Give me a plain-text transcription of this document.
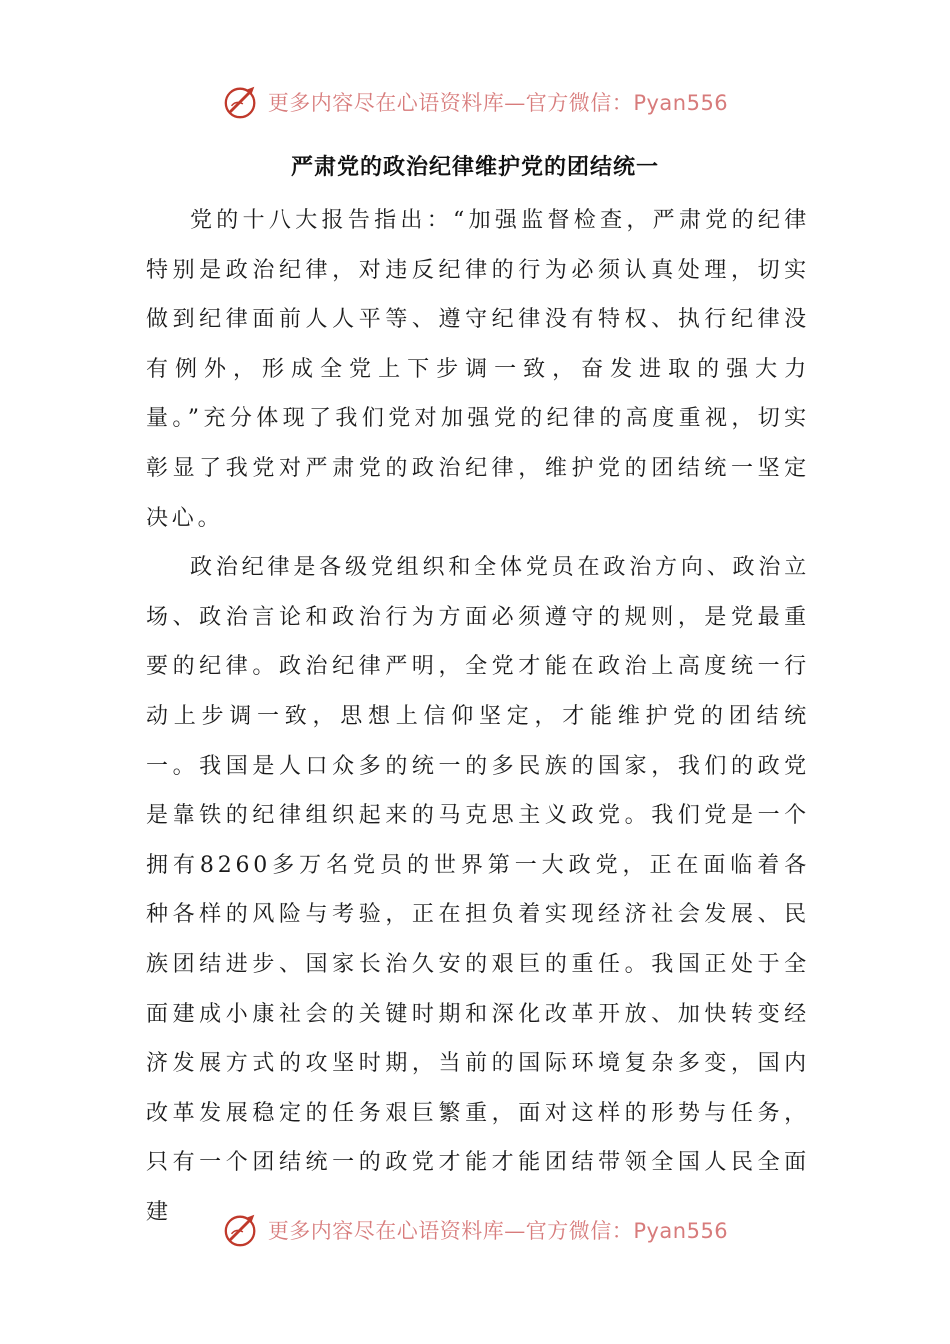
更多内容尽在心语资料库—官方微信：Pyan556
严肃党的政治纪律维护党的团结统一

党的十八大报告指出：“加强监督检查，严肃党的纪律特别是政治纪律，对违反纪律的行为必须认真处理，切实做到纪律面前人人平等、遵守纪律没有特权、执行纪律没有例外，形成全党上下步调一致，奋发进取的强大力量。”充分体现了我们党对加强党的纪律的高度重视，切实彰显了我党对严肃党的政治纪律，维护党的团结统一坚定决心。

政治纪律是各级党组织和全体党员在政治方向、政治立场、政治言论和政治行为方面必须遵守的规则，是党最重要的纪律。政治纪律严明，全党才能在政治上高度统一行动上步调一致，思想上信仰坚定，才能维护党的团结统一。我国是人口众多的统一的多民族的国家，我们的政党是靠铁的纪律组织起来的马克思主义政党。我们党是一个拥有8260多万名党员的世界第一大政党，正在面临着各种各样的风险与考验，正在担负着实现经济社会发展、民族团结进步、国家长治久安的艰巨的重任。我国正处于全面建成小康社会的关键时期和深化改革开放、加快转变经济发展方式的攻坚时期，当前的国际环境复杂多变，国内改革发展稳定的任务艰巨繁重，面对这样的形势与任务，只有一个团结统一的政党才能才能团结带领全国人民全面建

更多内容尽在心语资料库—官方微信：Pyan556
